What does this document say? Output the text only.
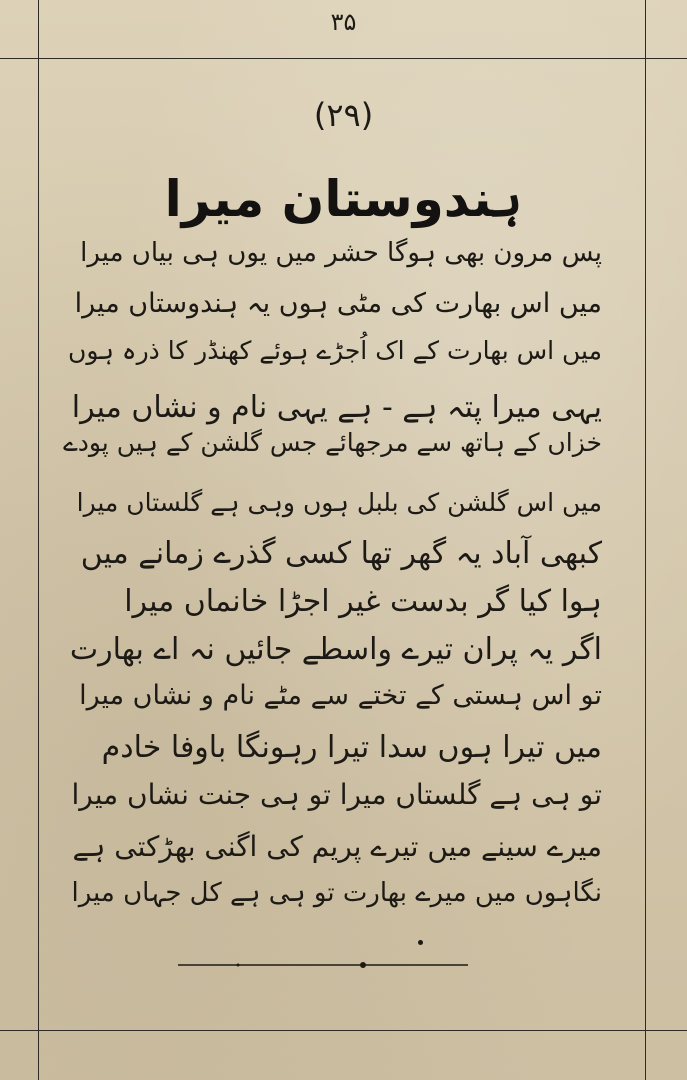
۳۵
(۲۹)
ہندوستان میرا
پس مرون بھی ہوگا حشر میں یوں ہی بیاں میرا
میں اس بھارت کی مٹی ہوں یہ ہندوستاں میرا
میں اس بھارت کے اک اُجڑے ہوئے کھنڈر کا ذرہ ہوں
یہی میرا پتہ ہے - ہے یہی نام و نشاں میرا
خزاں کے ہاتھ سے مرجھائے جس گلشن کے ہیں پودے
میں اس گلشن کی بلبل ہوں وہی ہے گلستاں میرا
کبھی آباد یہ گھر تھا کسی گذرے زمانے میں
ہوا کیا گر بدست غیر اجڑا خانماں میرا
اگر یہ پران تیرے واسطے جائیں نہ اے بھارت
تو اس ہستی کے تختے سے مٹے نام و نشاں میرا
میں تیرا ہوں سدا تیرا رہونگا باوفا خادم
تو ہی ہے گلستاں میرا تو ہی جنت نشاں میرا
میرے سینے میں تیرے پریم کی اگنی بھڑکتی ہے
نگاہوں میں میرے بھارت تو ہی ہے کل جہاں میرا
